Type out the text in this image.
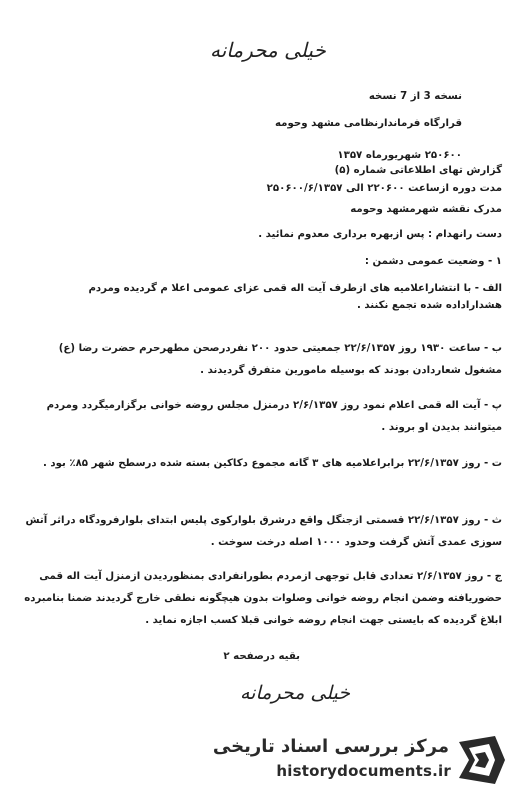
خیلی محرمانه
نسخه 3 از 7 نسخه
قرارگاه فرماندارنظامی مشهد وحومه
۲۵۰۶۰۰ شهریورماه ۱۳۵۷
گزارش تهای اطلاعاتی شماره (۵)
مدت دوره ازساعت ۲۲۰۶۰۰ الی ۲۵۰۶۰۰/۶/۱۳۵۷
مدرک نقشه شهرمشهد وحومه
دست رانهدام : پس ازبهره برداری معدوم نمائید .
۱ - وضعیت عمومی دشمن :
الف - با انتشاراعلامیه های ازطرف آیت اله قمی عزای عمومی اعلا م گردیده ومردم هشداراداده شده تجمع نکنند .
ب - ساعت ۱۹۳۰ روز ۲۲/۶/۱۳۵۷ جمعیتی حدود ۲۰۰ نفردرصحن مطهرحرم حضرت رضا (ع) مشغول شعاردادن بودند که بوسیله مامورین متفرق گردیدند .
پ - آیت اله قمی اعلام نمود روز ۲/۶/۱۳۵۷ درمنزل مجلس روضه خوانی برگزارمیگردد ومردم میتوانند بدیدن او بروند .
ت - روز ۲۲/۶/۱۳۵۷ برابراعلامیه های ۳ گانه مجموع دکاکین بسته شده درسطح شهر ۸۵٪ بود .
ث - روز ۲۲/۶/۱۳۵۷ قسمتی ازجنگل واقع درشرق بلوارکوی پلیس ابتدای بلوارفرودگاه دراثر آتش سوزی عمدی آتش گرفت وحدود ۱۰۰۰ اصله درخت سوخت .
ج - روز ۲/۶/۱۳۵۷ تعدادی قابل توجهی ازمردم بطورانفرادی بمنظوردیدن ازمنزل آیت اله قمی حضوریافته وضمن انجام روضه خوانی وصلوات بدون هیچگونه نطقی خارج گردیدند ضمنا بنامبرده ابلاغ گردیده که بایستی جهت انجام روضه خوانی قبلا کسب اجازه نماید .
بقیه درصفحه ۲
خیلی محرمانه
مرکز بررسی اسناد تاریخی
historydocuments.ir
